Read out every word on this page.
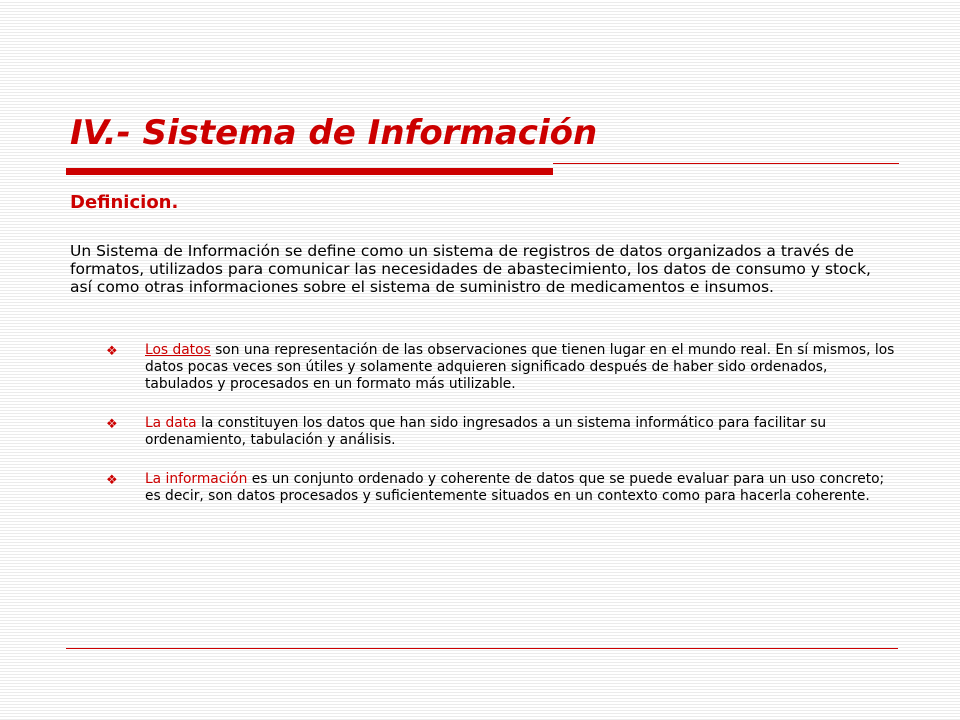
IV.- Sistema de Información
Definicion.

Un Sistema de Información se define como un sistema de registros de datos organizados a través de formatos, utilizados para comunicar las necesidades de abastecimiento, los datos de consumo y stock, así como otras informaciones sobre el sistema de suministro de medicamentos e insumos.

❖ Los datos son una representación de las observaciones que tienen lugar en el mundo real. En sí mismos, los datos pocas veces son útiles y solamente adquieren significado después de haber sido ordenados, tabulados y procesados en un formato más utilizable.
❖ La data la constituyen los datos que han sido ingresados a un sistema informático para facilitar su ordenamiento, tabulación y análisis.
❖ La información es un conjunto ordenado y coherente de datos que se puede evaluar para un uso concreto; es decir, son datos procesados y suficientemente situados en un contexto como para hacerla coherente.
